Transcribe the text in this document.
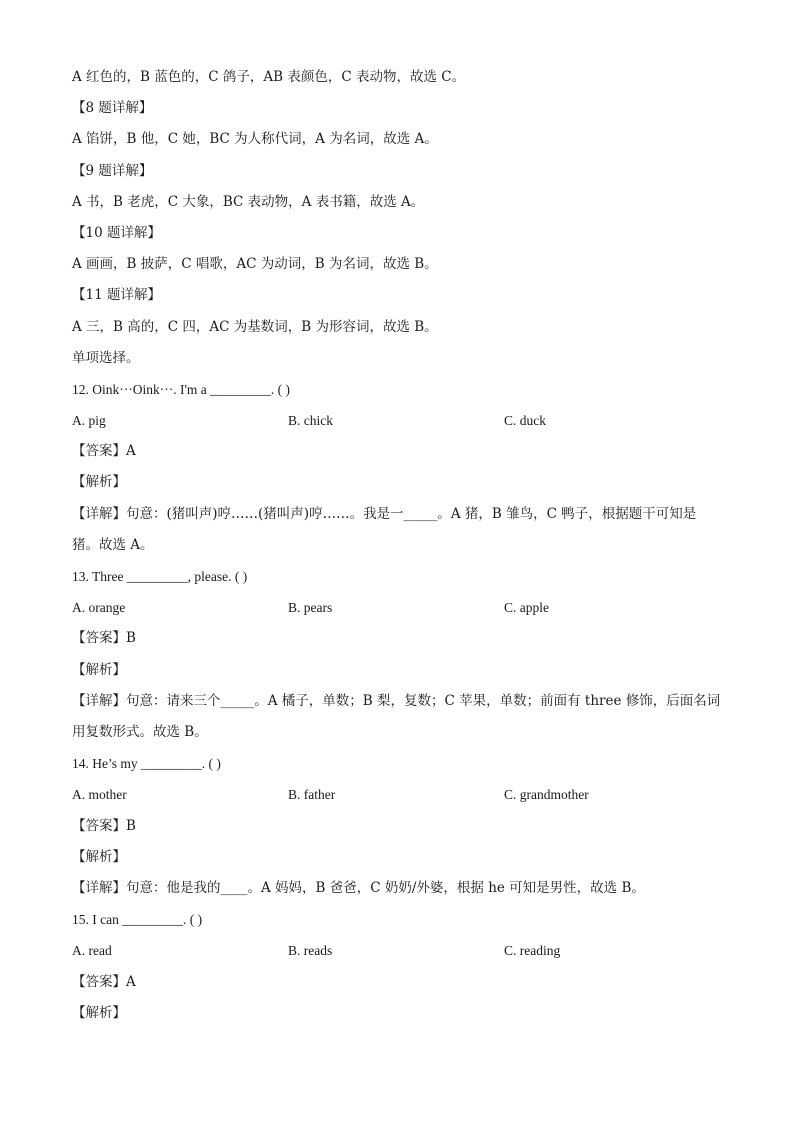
A 红色的，B 蓝色的，C 鸽子，AB 表颜色，C 表动物，故选 C。

【8 题详解】

A 馅饼，B 他，C 她，BC 为人称代词，A 为名词，故选 A。

【9 题详解】

A 书，B 老虎，C 大象，BC 表动物，A 表书籍，故选 A。

【10 题详解】

A 画画，B 披萨，C 唱歌，AC 为动词，B 为名词，故选 B。

【11 题详解】

A 三，B 高的，C 四，AC 为基数词，B 为形容词，故选 B。

单项选择。

12. Oink···Oink···. I'm a _________. ( )

A. pig	B. chick	C. duck

【答案】A

【解析】

【详解】句意：(猪叫声)哼……(猪叫声)哼……。我是一_____。A 猪，B 雏鸟，C 鸭子，根据题干可知是猪。故选 A。

13. Three _________, please. ( )

A. orange	B. pears	C. apple

【答案】B

【解析】

【详解】句意：请来三个_____。A 橘子，单数；B 梨，复数；C 苹果，单数；前面有 three 修饰，后面名词用复数形式。故选 B。

14. He’s my _________. ( )

A. mother	B. father	C. grandmother

【答案】B

【解析】

【详解】句意：他是我的____。A 妈妈，B 爸爸，C 奶奶/外婆，根据 he 可知是男性，故选 B。

15. I can _________. ( )

A. read	B. reads	C. reading

【答案】A

【解析】
